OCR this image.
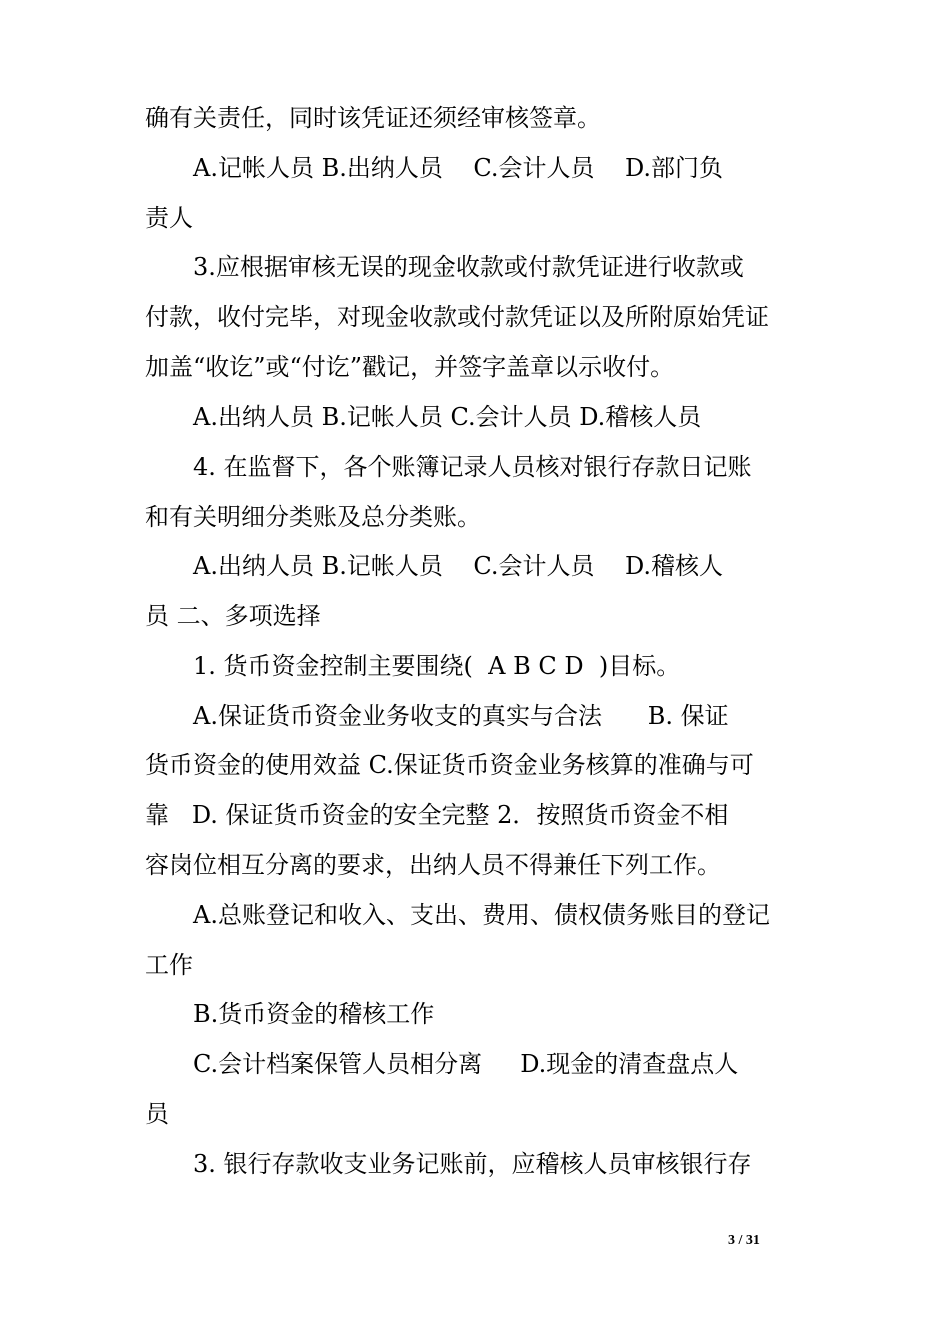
确有关责任，同时该凭证还须经审核签章。
A.记帐人员 B.出纳人员    C.会计人员    D.部门负
责人
3.应根据审核无误的现金收款或付款凭证进行收款或
付款，收付完毕，对现金收款或付款凭证以及所附原始凭证
加盖“收讫”或“付讫”戳记，并签字盖章以示收付。
A.出纳人员 B.记帐人员 C.会计人员 D.稽核人员
4. 在监督下，各个账簿记录人员核对银行存款日记账
和有关明细分类账及总分类账。
A.出纳人员 B.记帐人员    C.会计人员    D.稽核人
员 二、多项选择
1. 货币资金控制主要围绕(  A B C D  )目标。
A.保证货币资金业务收支的真实与合法      B. 保证
货币资金的使用效益 C.保证货币资金业务核算的准确与可
靠   D. 保证货币资金的安全完整 2．按照货币资金不相
容岗位相互分离的要求，出纳人员不得兼任下列工作。
A.总账登记和收入、支出、费用、债权债务账目的登记
工作
B.货币资金的稽核工作
C.会计档案保管人员相分离     D.现金的清查盘点人
员
3. 银行存款收支业务记账前，应稽核人员审核银行存
3 / 31
